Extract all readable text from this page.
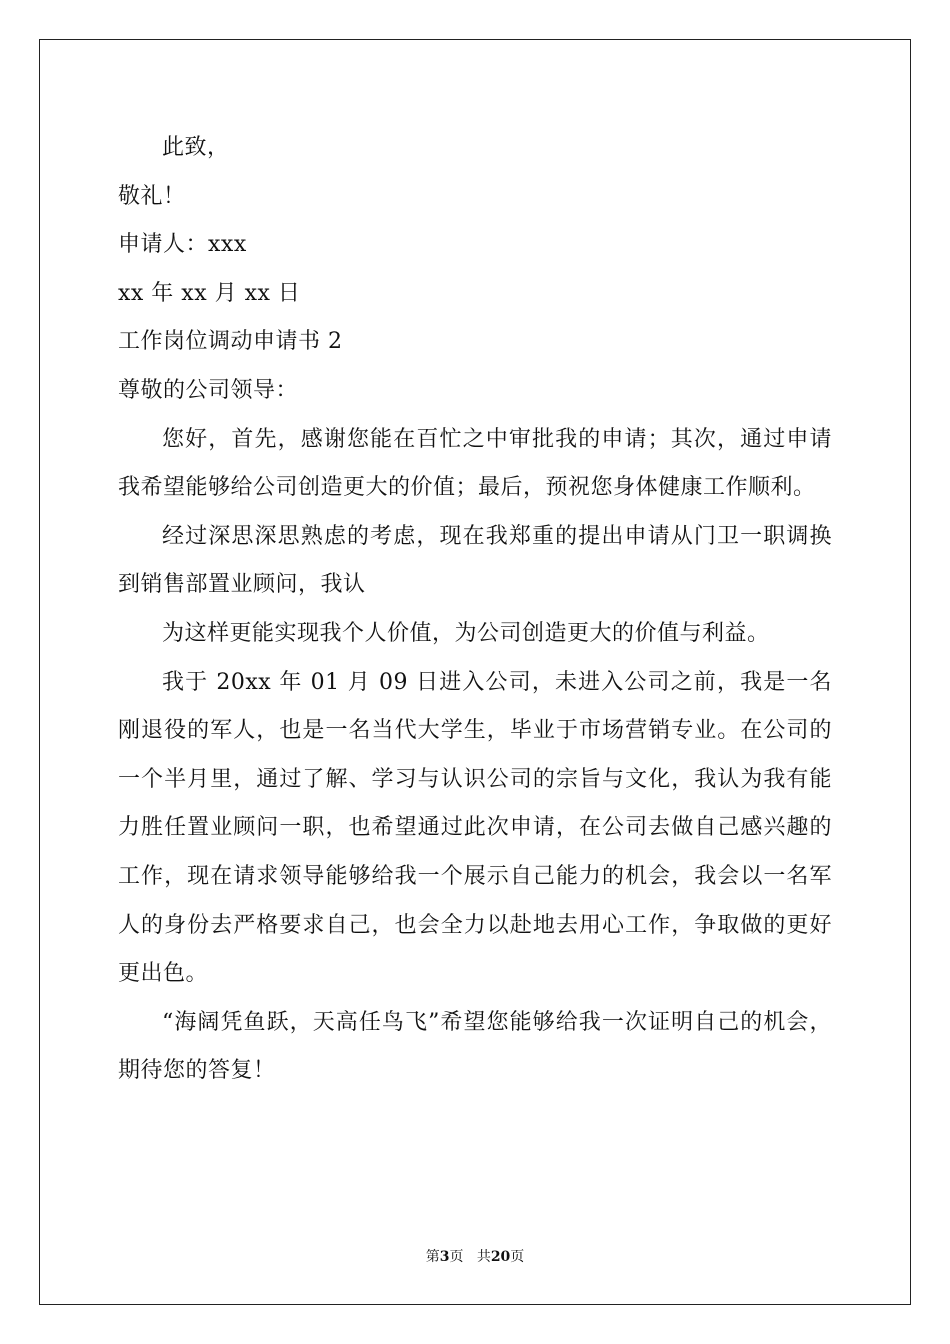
此致，
敬礼！
申请人：xxx
xx 年 xx 月 xx 日
工作岗位调动申请书 2
尊敬的公司领导：

您好，首先，感谢您能在百忙之中审批我的申请；其次，通过申请我希望能够给公司创造更大的价值；最后，预祝您身体健康工作顺利。

经过深思深思熟虑的考虑，现在我郑重的提出申请从门卫一职调换到销售部置业顾问，我认

为这样更能实现我个人价值，为公司创造更大的价值与利益。

我于 20xx 年 01 月 09 日进入公司，未进入公司之前，我是一名刚退役的军人，也是一名当代大学生，毕业于市场营销专业。在公司的一个半月里，通过了解、学习与认识公司的宗旨与文化，我认为我有能力胜任置业顾问一职，也希望通过此次申请，在公司去做自己感兴趣的工作，现在请求领导能够给我一个展示自己能力的机会，我会以一名军人的身份去严格要求自己，也会全力以赴地去用心工作，争取做的更好更出色。

“海阔凭鱼跃，天高任鸟飞”希望您能够给我一次证明自己的机会，期待您的答复！

第3页 共20页
